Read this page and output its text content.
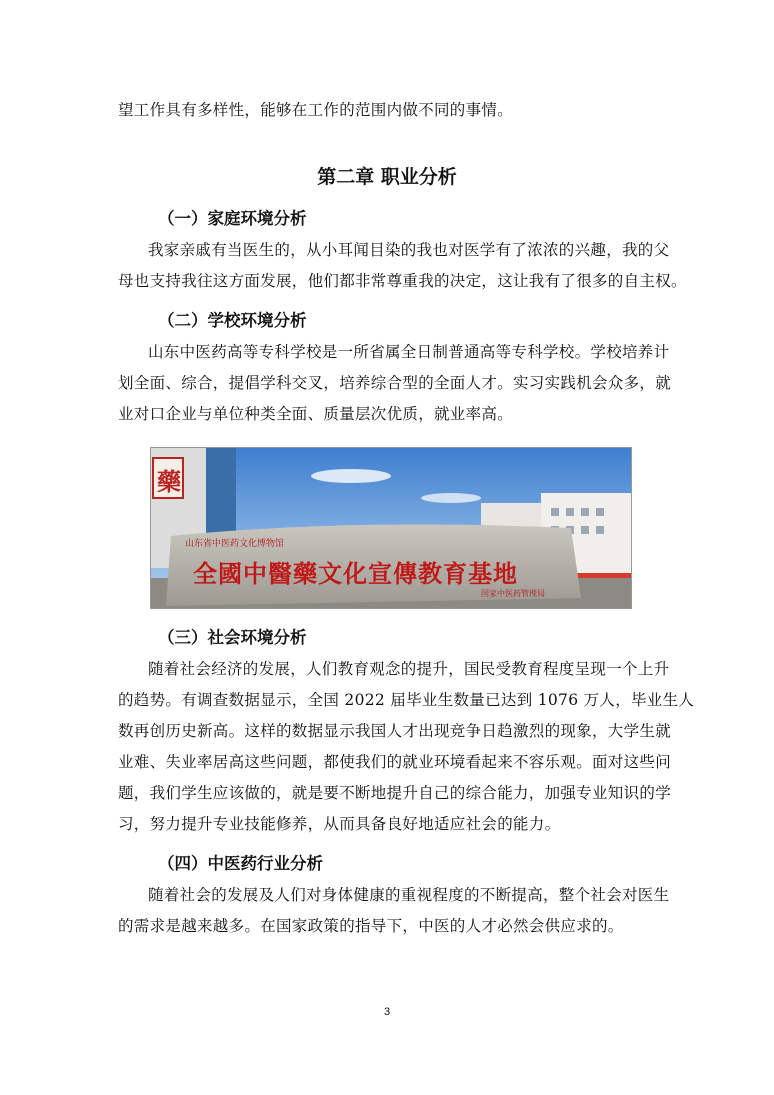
望工作具有多样性，能够在工作的范围内做不同的事情。
第二章 职业分析
（一）家庭环境分析
我家亲戚有当医生的，从小耳闻目染的我也对医学有了浓浓的兴趣，我的父
母也支持我往这方面发展，他们都非常尊重我的决定，这让我有了很多的自主权。
（二）学校环境分析
山东中医药高等专科学校是一所省属全日制普通高等专科学校。学校培养计
划全面、综合，提倡学科交叉，培养综合型的全面人才。实习实践机会众多，就
业对口企业与单位种类全面、质量层次优质，就业率高。
山东省中医药文化博物馆
全國中醫藥文化宣傳教育基地
国家中医药管理局
藥
（三）社会环境分析
随着社会经济的发展，人们教育观念的提升，国民受教育程度呈现一个上升
的趋势。有调查数据显示，全国 2022 届毕业生数量已达到 1076 万人，毕业生人
数再创历史新高。这样的数据显示我国人才出现竞争日趋激烈的现象，大学生就
业难、失业率居高这些问题，都使我们的就业环境看起来不容乐观。面对这些问
题，我们学生应该做的，就是要不断地提升自己的综合能力，加强专业知识的学
习，努力提升专业技能修养，从而具备良好地适应社会的能力。
（四）中医药行业分析
随着社会的发展及人们对身体健康的重视程度的不断提高，整个社会对医生
的需求是越来越多。在国家政策的指导下，中医的人才必然会供应求的。
3
